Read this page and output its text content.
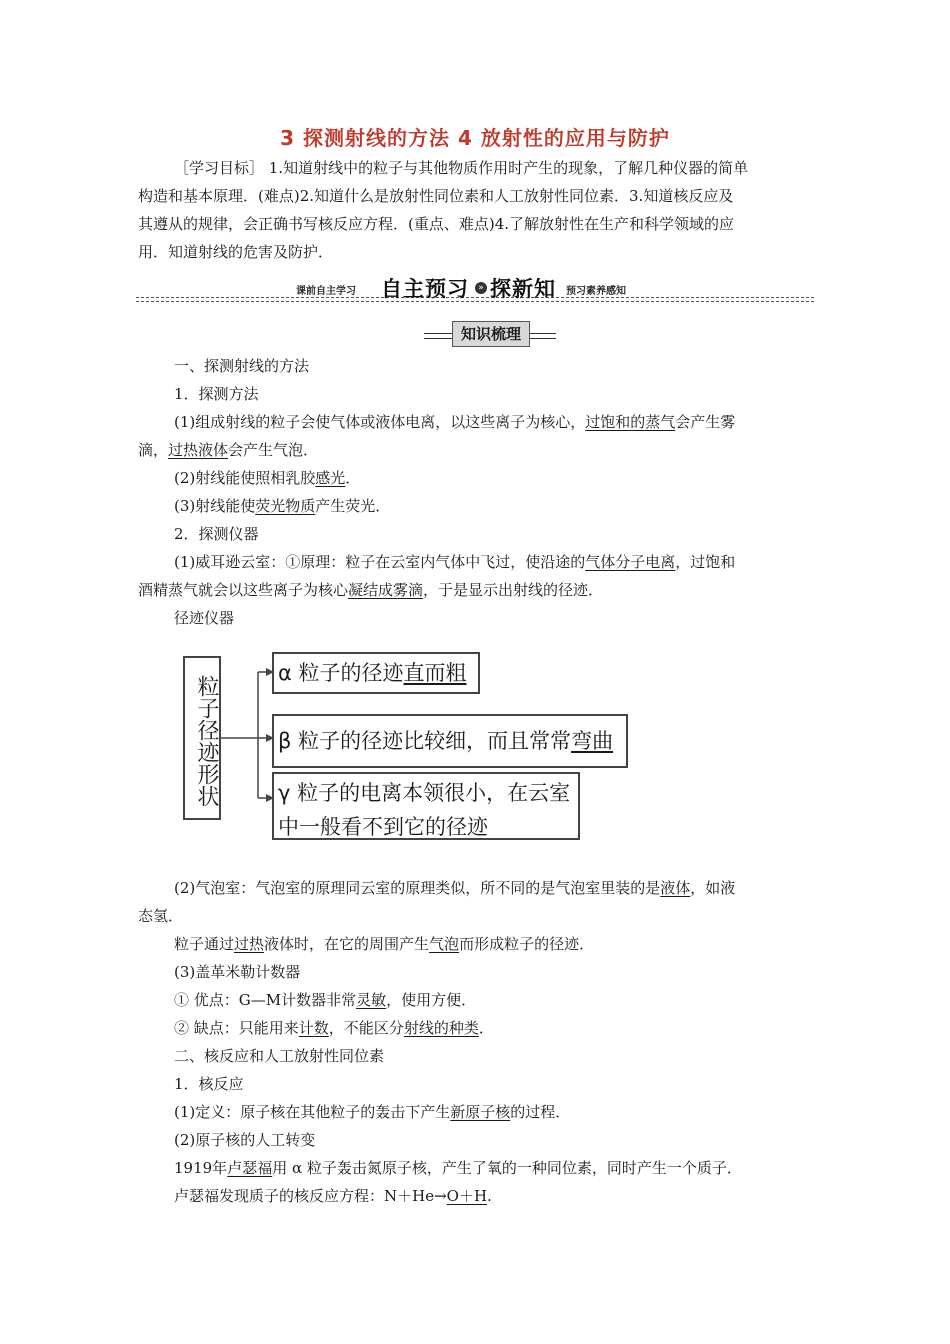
3 探测射线的方法 4 放射性的应用与防护

［学习目标］ 1.知道射线中的粒子与其他物质作用时产生的现象，了解几种仪器的简单

构造和基本原理．(难点)2.知道什么是放射性同位素和人工放射性同位素．3.知道核反应及

其遵从的规律，会正确书写核反应方程．(重点、难点)4.了解放射性在生产和科学领域的应

用．知道射线的危害及防护．

课前自主学习 自主预习	» 探新知 预习素养感知
知识梳理

一、探测射线的方法

1．探测方法

(1)组成射线的粒子会使气体或液体电离，以这些离子为核心，过饱和的蒸气会产生雾

滴，过热液体会产生气泡．

(2)射线能使照相乳胶感光．

(3)射线能使荧光物质产生荧光．

2．探测仪器

(1)威耳逊云室：①原理：粒子在云室内气体中飞过，使沿途的气体分子电离，过饱和

酒精蒸气就会以这些离子为核心凝结成雾滴，于是显示出射线的径迹．

径迹仪器

粒子径迹形状
α 粒子的径迹直而粗
β 粒子的径迹比较细，而且常常弯曲
γ 粒子的电离本领很小，在云室
中一般看不到它的径迹

(2)气泡室：气泡室的原理同云室的原理类似，所不同的是气泡室里装的是液体，如液

态氢．

粒子通过过热液体时，在它的周围产生气泡而形成粒子的径迹．

(3)盖革米勒计数器

① 优点：G—M计数器非常灵敏，使用方便．

② 缺点：只能用来计数，不能区分射线的种类．

二、核反应和人工放射性同位素

1．核反应

(1)定义：原子核在其他粒子的轰击下产生新原子核的过程．

(2)原子核的人工转变

1919年卢瑟福用 α 粒子轰击氮原子核，产生了氧的一种同位素，同时产生一个质子．

卢瑟福发现质子的核反应方程：N＋He→O＋H.
